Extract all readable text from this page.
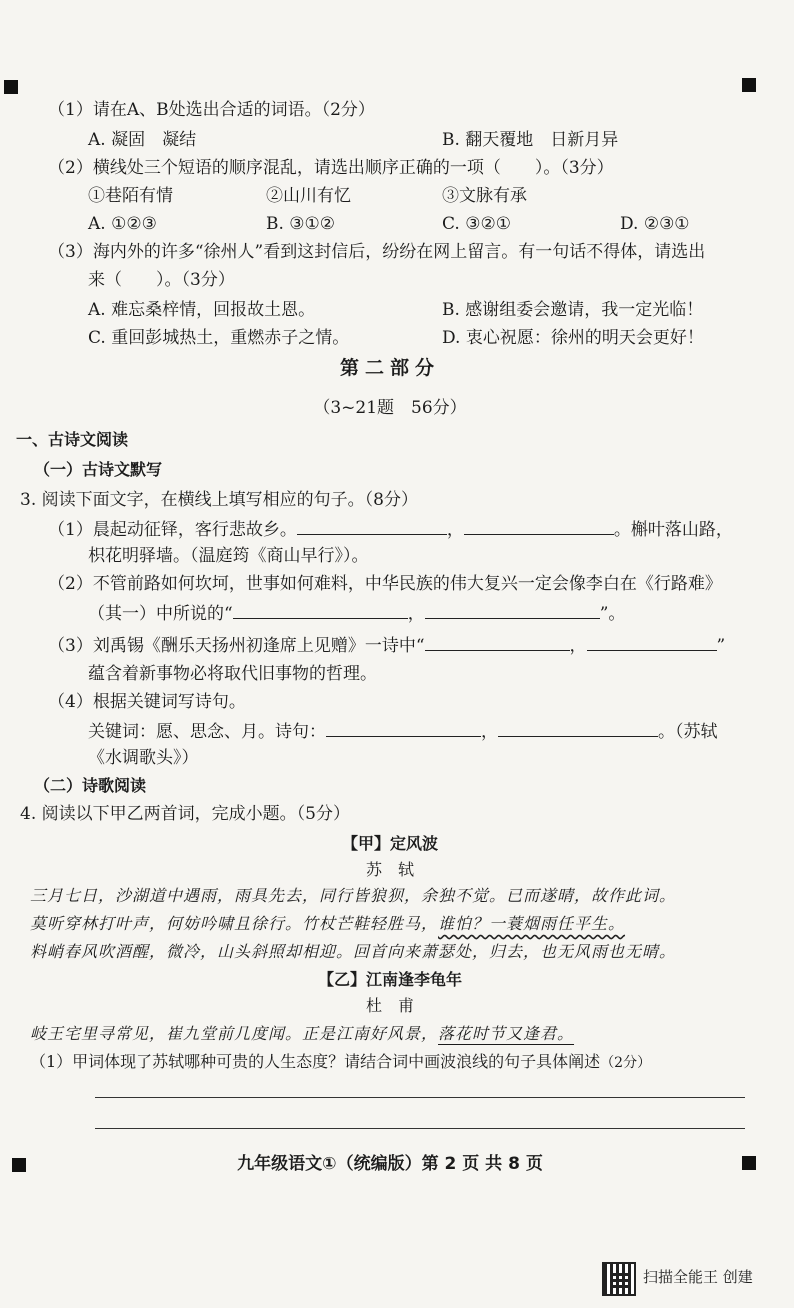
（1）请在A、B处选出合适的词语。（2分）
A. 凝固　凝结	B. 翻天覆地　日新月异
（2）横线处三个短语的顺序混乱，请选出顺序正确的一项（　　）。（3分）
①巷陌有情	②山川有忆	③文脉有承
A. ①②③	B. ③①②	C. ③②①	D. ②③①
（3）海内外的许多“徐州人”看到这封信后，纷纷在网上留言。有一句话不得体，请选出
来（　　）。（3分）
A. 难忘桑梓情，回报故土恩。	B. 感谢组委会邀请，我一定光临！
C. 重回彭城热土，重燃赤子之情。	D. 衷心祝愿：徐州的明天会更好！
第二部分
（3~21题　56分）
一、古诗文阅读
（一）古诗文默写
3. 阅读下面文字，在横线上填写相应的句子。（8分）
（1）晨起动征铎，客行悲故乡。	，	。槲叶落山路，
枳花明驿墙。（温庭筠《商山早行》）。
（2）不管前路如何坎坷，世事如何难料，中华民族的伟大复兴一定会像李白在《行路难》
（其一）中所说的“	，	”。
（3）刘禹锡《酬乐天扬州初逢席上见赠》一诗中“	，	”
蕴含着新事物必将取代旧事物的哲理。
（4）根据关键词写诗句。
关键词：愿、思念、月。诗句：	，	。（苏轼
《水调歌头》）
（二）诗歌阅读
4. 阅读以下甲乙两首词，完成小题。（5分）
【甲】定风波
苏　轼
三月七日，沙湖道中遇雨，雨具先去，同行皆狼狈，余独不觉。已而遂晴，故作此词。
莫听穿林打叶声，何妨吟啸且徐行。竹杖芒鞋轻胜马，谁怕？一蓑烟雨任平生。
料峭春风吹酒醒，微冷，山头斜照却相迎。回首向来萧瑟处，归去，也无风雨也无晴。
【乙】江南逢李龟年
杜　甫
岐王宅里寻常见，崔九堂前几度闻。正是江南好风景，落花时节又逢君。
（1）甲词体现了苏轼哪种可贵的人生态度？请结合词中画波浪线的句子具体阐述（2分）
九年级语文①（统编版）第 2 页 共 8 页
扫描全能王 创建
